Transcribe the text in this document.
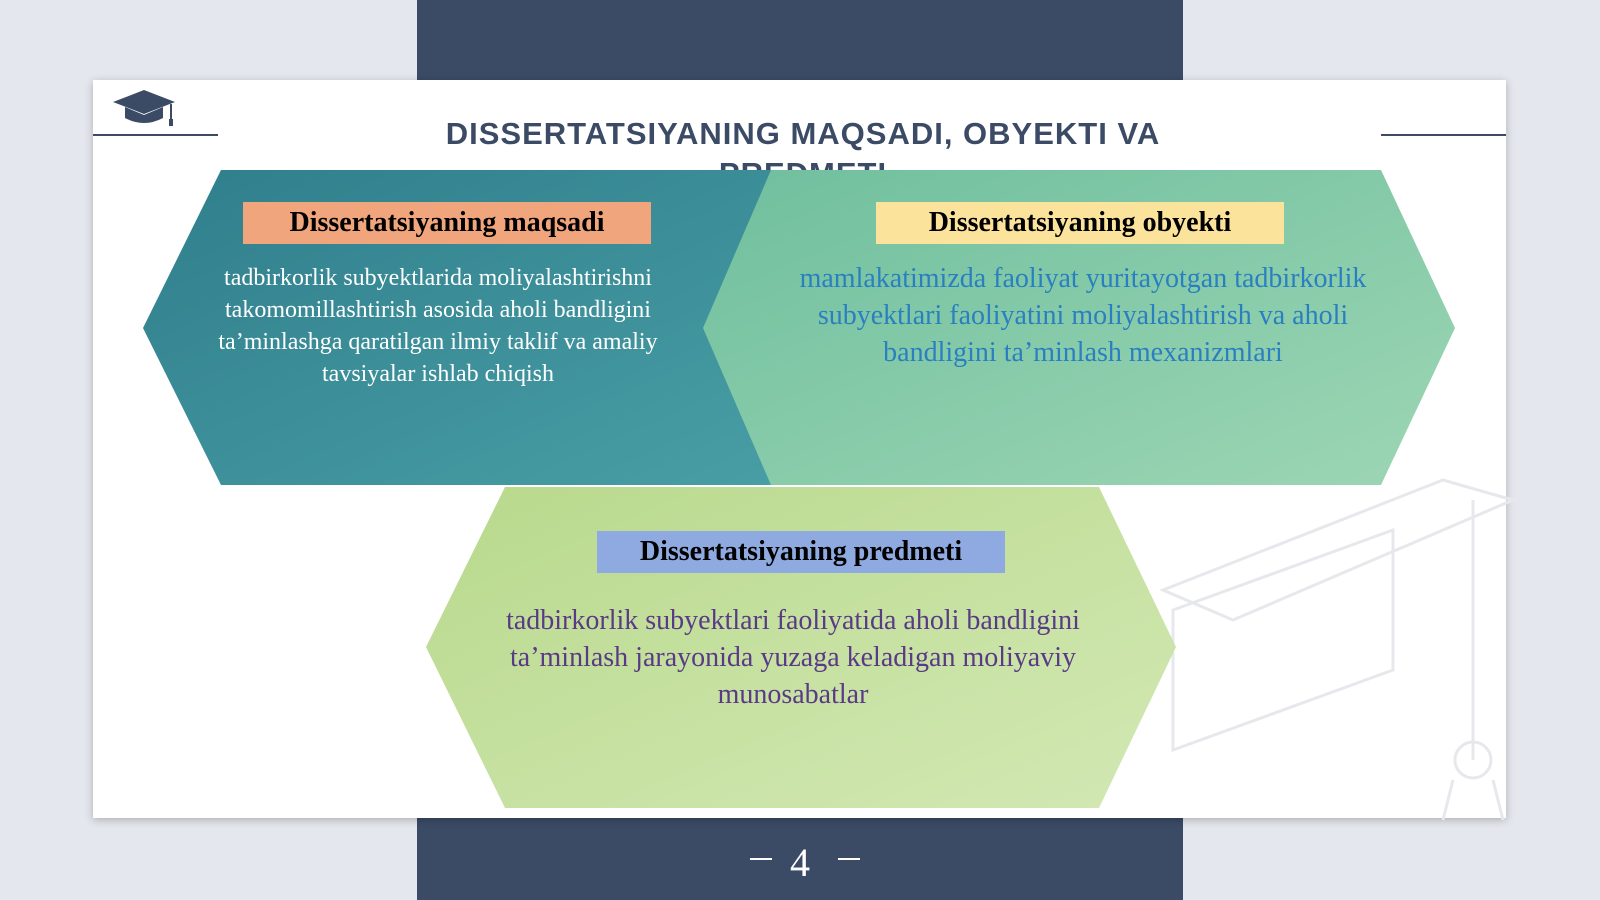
DISSERTATSIYANING MAQSADI, OBYEKTI VA
Dissertatsiyaning maqsadi
tadbirkorlik subyektlarida moliyalashtirishni takomomillashtirish asosida aholi bandligini ta’minlashga qaratilgan ilmiy taklif va amaliy tavsiyalar ishlab chiqish
Dissertatsiyaning obyekti
mamlakatimizda faoliyat yuritayotgan tadbirkorlik subyektlari faoliyatini moliyalashtirish va aholi bandligini ta’minlash mexanizmlari
Dissertatsiyaning predmeti
tadbirkorlik subyektlari faoliyatida aholi bandligini ta’minlash jarayonida yuzaga keladigan moliyaviy munosabatlar
4
